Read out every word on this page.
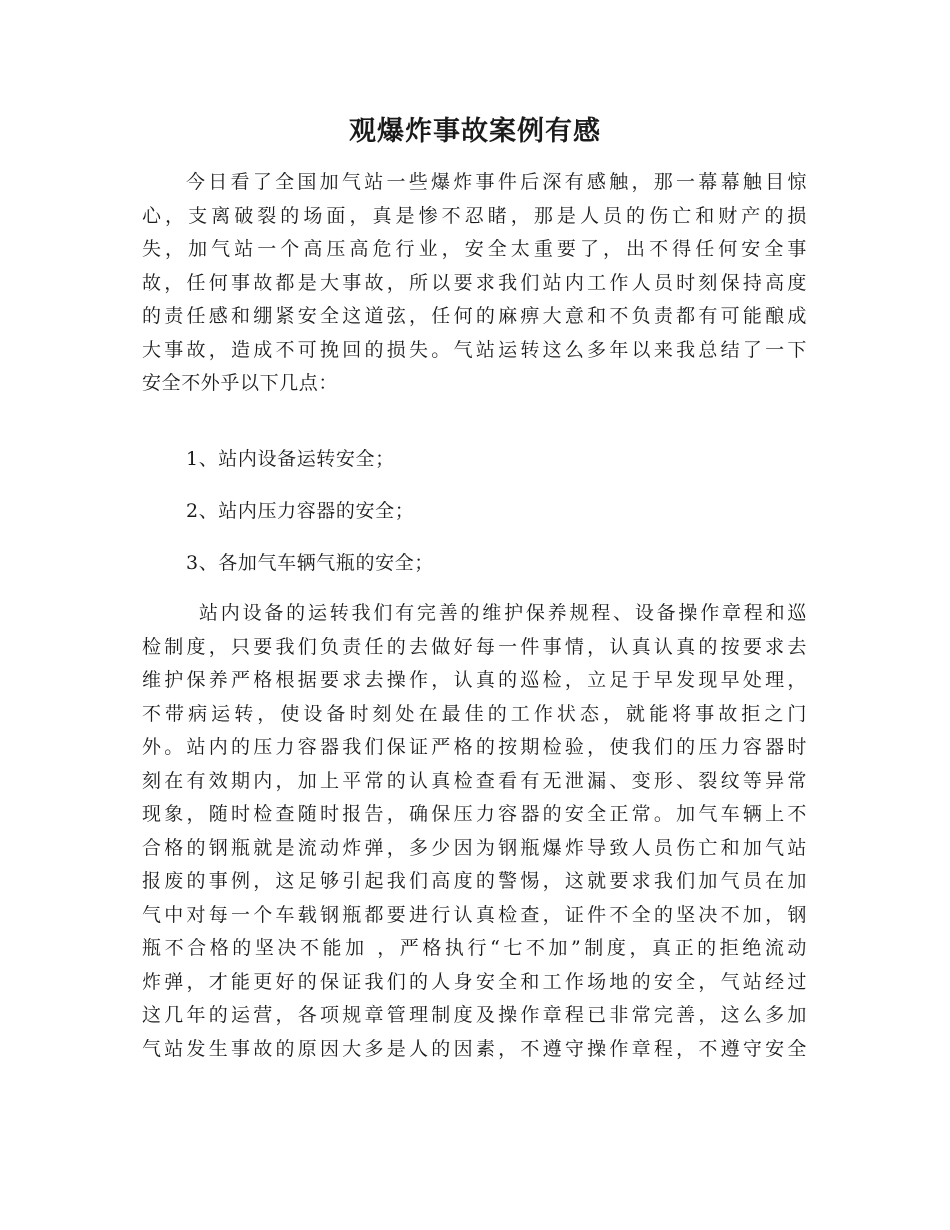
观爆炸事故案例有感
今日看了全国加气站一些爆炸事件后深有感触，那一幕幕触目惊
心，支离破裂的场面，真是惨不忍睹，那是人员的伤亡和财产的损
失，加气站一个高压高危行业，安全太重要了，出不得任何安全事
故，任何事故都是大事故，所以要求我们站内工作人员时刻保持高度
的责任感和绷紧安全这道弦，任何的麻痹大意和不负责都有可能酿成
大事故，造成不可挽回的损失。气站运转这么多年以来我总结了一下
安全不外乎以下几点：
1、站内设备运转安全；
2、站内压力容器的安全；
3、各加气车辆气瓶的安全；
站内设备的运转我们有完善的维护保养规程、设备操作章程和巡
检制度，只要我们负责任的去做好每一件事情，认真认真的按要求去
维护保养严格根据要求去操作，认真的巡检，立足于早发现早处理，
不带病运转，使设备时刻处在最佳的工作状态，就能将事故拒之门
外。站内的压力容器我们保证严格的按期检验，使我们的压力容器时
刻在有效期内，加上平常的认真检查看有无泄漏、变形、裂纹等异常
现象，随时检查随时报告，确保压力容器的安全正常。加气车辆上不
合格的钢瓶就是流动炸弹，多少因为钢瓶爆炸导致人员伤亡和加气站
报废的事例，这足够引起我们高度的警惕，这就要求我们加气员在加
气中对每一个车载钢瓶都要进行认真检查，证件不全的坚决不加，钢
瓶不合格的坚决不能加 ，严格执行“七不加”制度，真正的拒绝流动
炸弹，才能更好的保证我们的人身安全和工作场地的安全，气站经过
这几年的运营，各项规章管理制度及操作章程已非常完善，这么多加
气站发生事故的原因大多是人的因素，不遵守操作章程，不遵守安全
